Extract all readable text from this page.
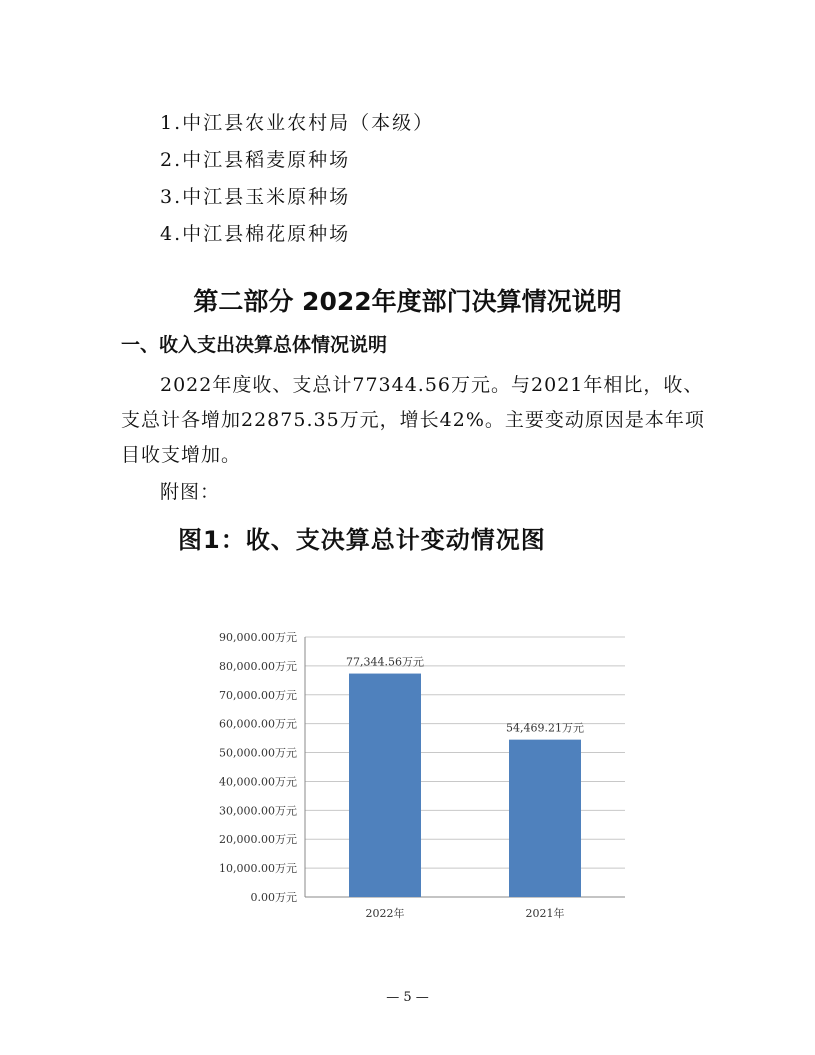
1.中江县农业农村局（本级）
2.中江县稻麦原种场
3.中江县玉米原种场
4.中江县棉花原种场
第二部分 2022年度部门决算情况说明
一、收入支出决算总体情况说明
2022年度收、支总计77344.56万元。与2021年相比，收、
支总计各增加22875.35万元，增长42%。主要变动原因是本年项
目收支增加。
附图：
图1：收、支决算总计变动情况图
0.00万元
10,000.00万元
20,000.00万元
30,000.00万元
40,000.00万元
50,000.00万元
60,000.00万元
70,000.00万元
80,000.00万元
90,000.00万元
77,344.56万元
2022年
54,469.21万元
2021年
— 5 —
